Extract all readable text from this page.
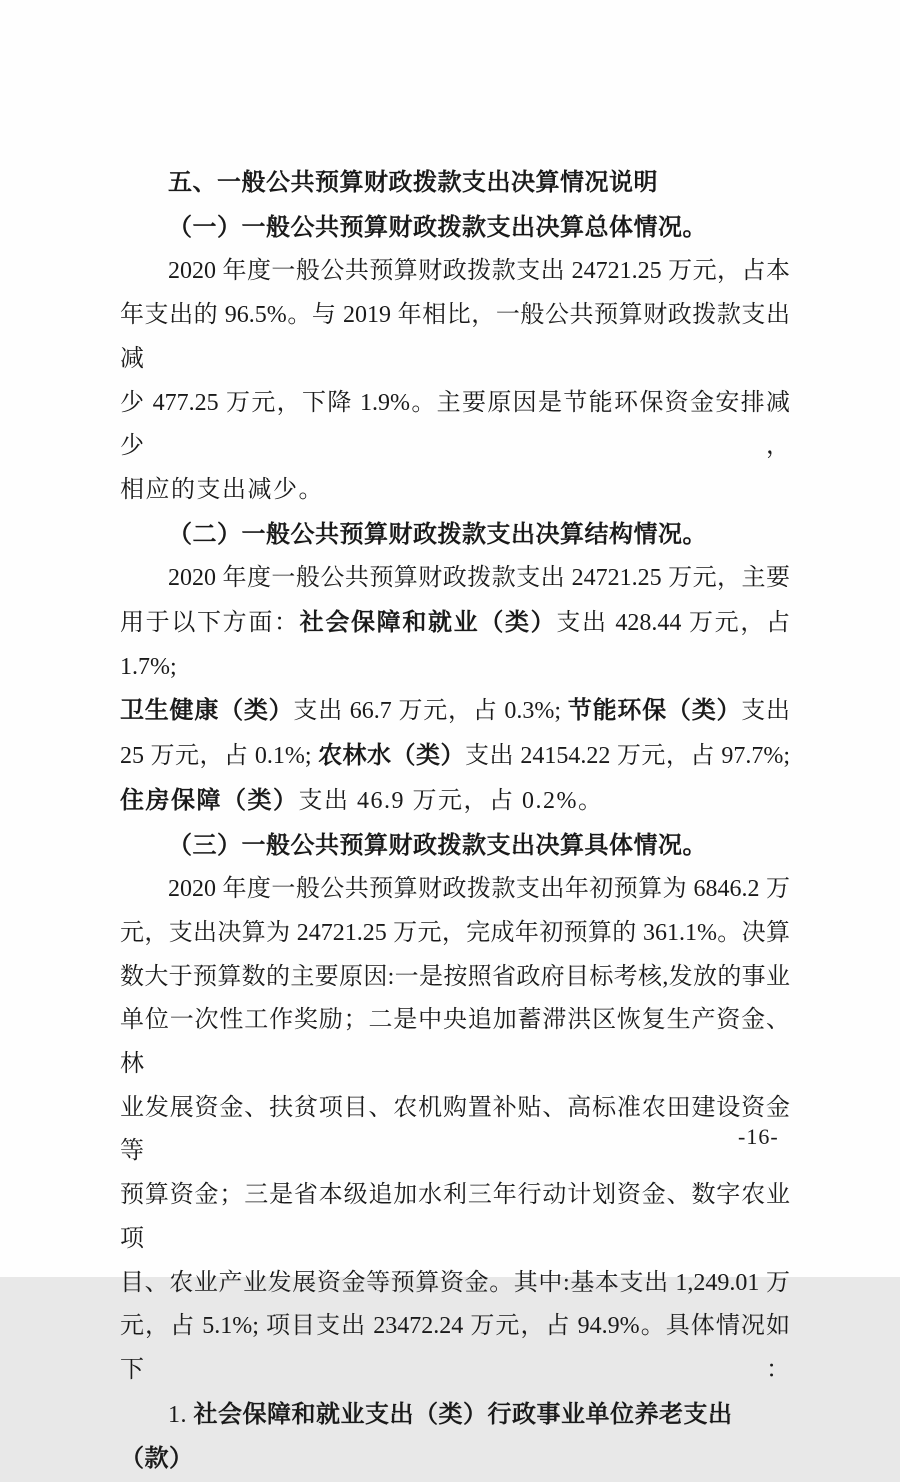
五、一般公共预算财政拨款支出决算情况说明
（一）一般公共预算财政拨款支出决算总体情况。
2020 年度一般公共预算财政拨款支出 24721.25 万元，占本
年支出的 96.5%。与 2019 年相比，一般公共预算财政拨款支出减
少 477.25 万元，下降 1.9%。主要原因是节能环保资金安排减少，
相应的支出减少。
（二）一般公共预算财政拨款支出决算结构情况。
2020 年度一般公共预算财政拨款支出 24721.25 万元，主要
用于以下方面：社会保障和就业（类）支出 428.44 万元，占 1.7%;
卫生健康（类）支出 66.7 万元，占 0.3%; 节能环保（类）支出
25 万元，占 0.1%; 农林水（类）支出 24154.22 万元，占 97.7%;
住房保障（类）支出 46.9 万元，占 0.2%。
（三）一般公共预算财政拨款支出决算具体情况。
2020 年度一般公共预算财政拨款支出年初预算为 6846.2 万
元，支出决算为 24721.25 万元，完成年初预算的 361.1%。决算
数大于预算数的主要原因:一是按照省政府目标考核,发放的事业
单位一次性工作奖励；二是中央追加蓄滞洪区恢复生产资金、林
业发展资金、扶贫项目、农机购置补贴、高标准农田建设资金等
预算资金；三是省本级追加水利三年行动计划资金、数字农业项
目、农业产业发展资金等预算资金。其中:基本支出 1,249.01 万
元，占 5.1%; 项目支出 23472.24 万元，占 94.9%。具体情况如下：
1. 社会保障和就业支出（类）行政事业单位养老支出（款）
-16-
